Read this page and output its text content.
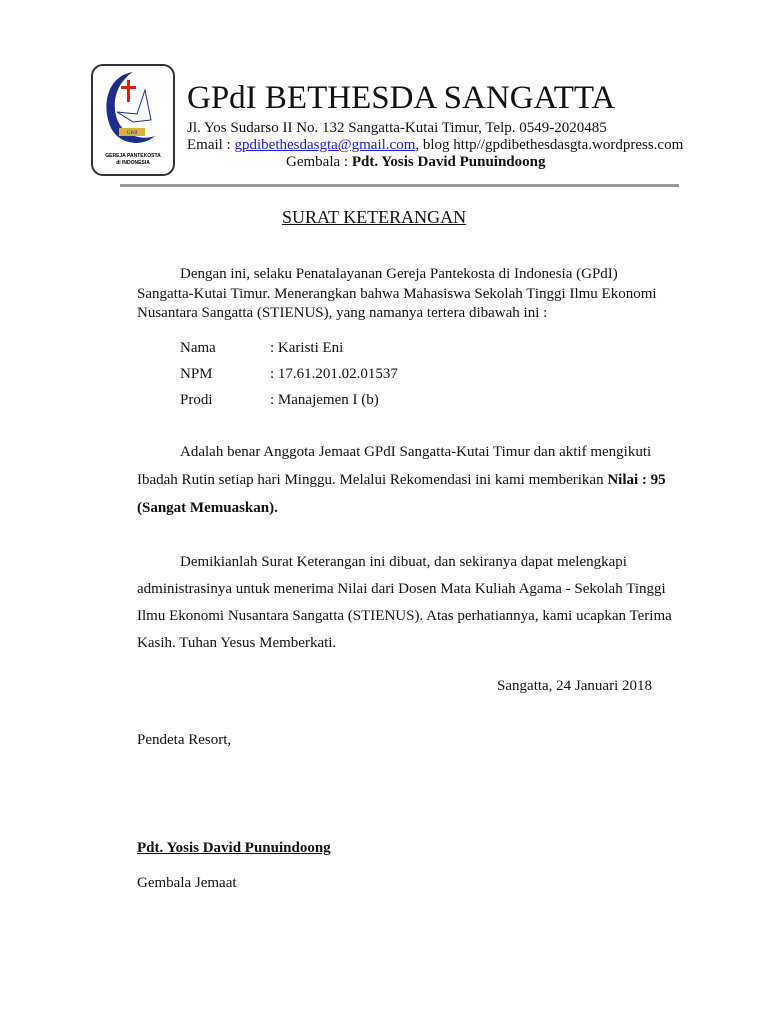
GPdI
GEREJA PANTEKOSTA
di INDONESIA
GPdI BETHESDA SANGATTA
Jl. Yos Sudarso II No. 132 Sangatta-Kutai Timur, Telp. 0549-2020485
Email : gpdibethesdasgta@gmail.com, blog http//gpdibethesdasgta.wordpress.com
Gembala : Pdt. Yosis David Punuindoong
SURAT KETERANGAN
Dengan ini, selaku Penatalayanan Gereja Pantekosta di Indonesia (GPdI)
Sangatta-Kutai Timur. Menerangkan bahwa Mahasiswa Sekolah Tinggi Ilmu Ekonomi
Nusantara Sangatta (STIENUS), yang namanya tertera dibawah ini :
Nama	: Karisti Eni
NPM	: 17.61.201.02.01537
Prodi	: Manajemen I (b)
Adalah benar Anggota Jemaat GPdI Sangatta-Kutai Timur dan aktif mengikuti
Ibadah Rutin setiap hari Minggu. Melalui Rekomendasi ini kami memberikan Nilai : 95
(Sangat Memuaskan).
Demikianlah Surat Keterangan ini dibuat, dan sekiranya dapat melengkapi
administrasinya untuk menerima Nilai dari Dosen Mata Kuliah Agama - Sekolah Tinggi
Ilmu Ekonomi Nusantara Sangatta (STIENUS). Atas perhatiannya, kami ucapkan Terima
Kasih. Tuhan Yesus Memberkati.
Sangatta, 24 Januari 2018
Pendeta Resort,
Pdt. Yosis David Punuindoong
Gembala Jemaat
